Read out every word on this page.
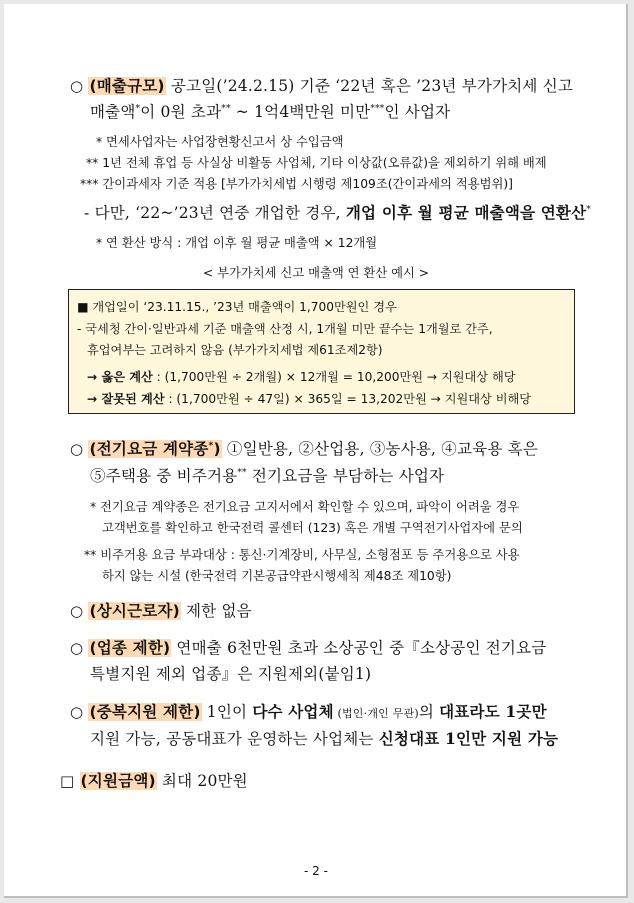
○ (매출규모) 공고일(’24.2.15) 기준 ‘22년 혹은 ’23년 부가가치세 신고
매출액*이 0원 초과** ~ 1억4백만원 미만***인 사업자
* 면세사업자는 사업장현황신고서 상 수입금액
** 1년 전체 휴업 등 사실상 비활동 사업체, 기타 이상값(오류값)을 제외하기 위해 배제
*** 간이과세자 기준 적용 [부가가치세법 시행령 제109조(간이과세의 적용범위)]
- 다만, ‘22~’23년 연중 개업한 경우, 개업 이후 월 평균 매출액을 연환산*
* 연 환산 방식 : 개업 이후 월 평균 매출액 × 12개월
< 부가가치세 신고 매출액 연 환산 예시 >
■ 개업일이 ‘23.11.15., ’23년 매출액이 1,700만원인 경우
- 국세청 간이·일반과세 기준 매출액 산정 시, 1개월 미만 끝수는 1개월로 간주,
휴업여부는 고려하지 않음 (부가가치세법 제61조제2항)
→ 옳은 계산 : (1,700만원 ÷ 2개월) × 12개월 = 10,200만원 → 지원대상 해당
→ 잘못된 계산 : (1,700만원 ÷ 47일) × 365일 = 13,202만원 → 지원대상 비해당
○ (전기요금 계약종*) ①일반용, ②산업용, ③농사용, ④교육용 혹은
⑤주택용 중 비주거용** 전기요금을 부담하는 사업자
* 전기요금 계약종은 전기요금 고지서에서 확인할 수 있으며, 파악이 어려울 경우
고객번호를 확인하고 한국전력 콜센터 (123) 혹은 개별 구역전기사업자에 문의
** 비주거용 요금 부과대상 : 통신·기계장비, 사무실, 소형점포 등 주거용으로 사용
하지 않는 시설 (한국전력 기본공급약관시행세칙 제48조 제10항)
○ (상시근로자) 제한 없음
○ (업종 제한) 연매출 6천만원 초과 소상공인 중『소상공인 전기요금
특별지원 제외 업종』은 지원제외(붙임1)
○ (중복지원 제한) 1인이 다수 사업체 (법인·개인 무관)의 대표라도 1곳만
지원 가능, 공동대표가 운영하는 사업체는 신청대표 1인만 지원 가능
□ (지원금액) 최대 20만원
- 2 -
